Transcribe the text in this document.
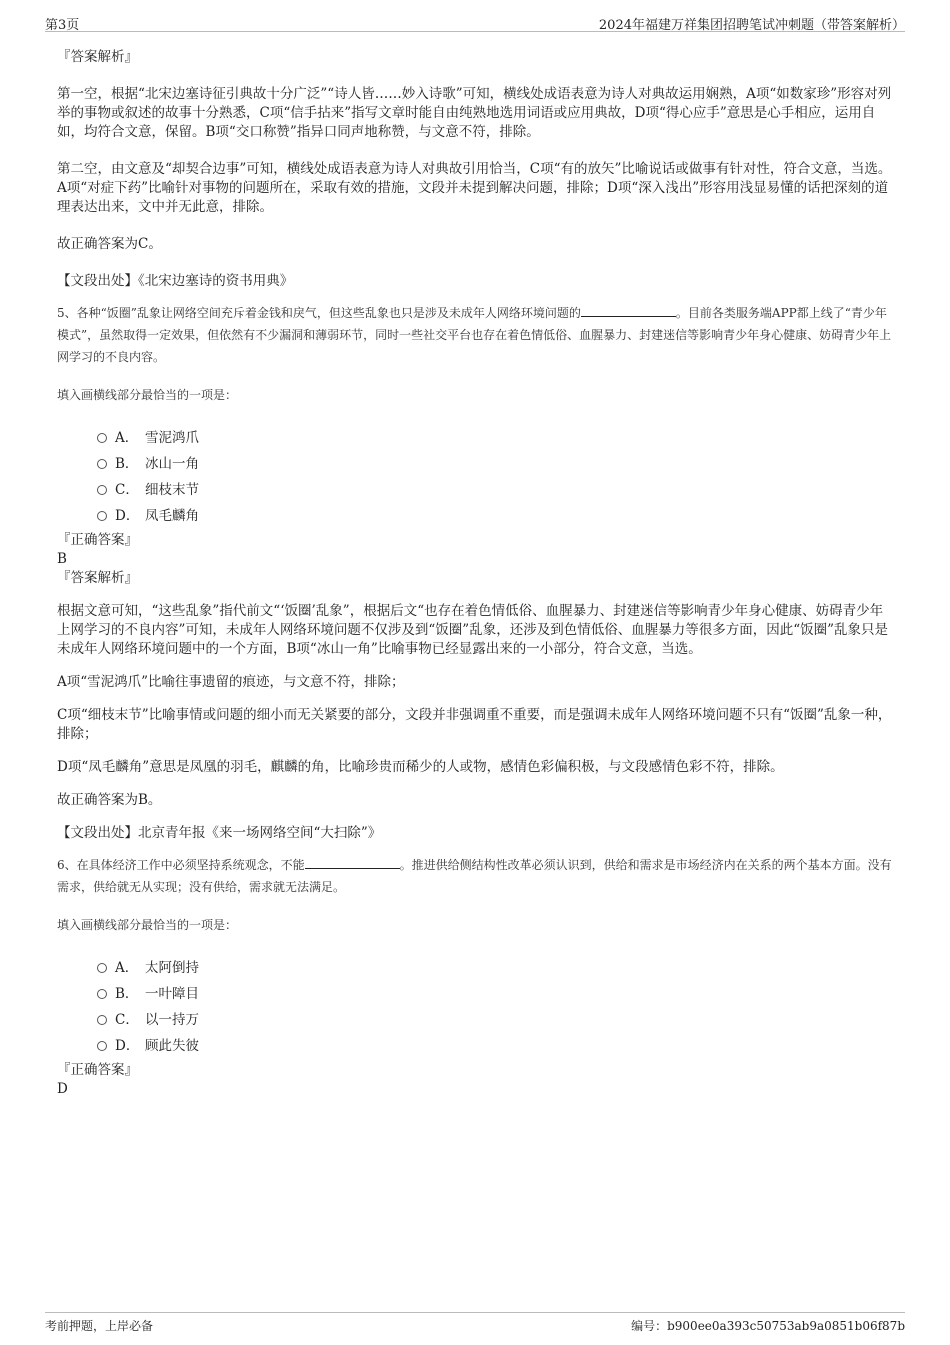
第3页	2024年福建万祥集团招聘笔试冲刺题（带答案解析）
『答案解析』
第一空，根据“北宋边塞诗征引典故十分广泛”“诗人皆……妙入诗歌”可知，横线处成语表意为诗人对典故运用娴熟，A项“如数家珍”形容对列举的事物或叙述的故事十分熟悉，C项“信手拈来”指写文章时能自由纯熟地选用词语或应用典故，D项“得心应手”意思是心手相应，运用自如，均符合文意，保留。B项“交口称赞”指异口同声地称赞，与文意不符，排除。
第二空，由文意及“却契合边事”可知，横线处成语表意为诗人对典故引用恰当，C项“有的放矢”比喻说话或做事有针对性，符合文意，当选。A项“对症下药”比喻针对事物的问题所在，采取有效的措施，文段并未提到解决问题，排除；D项“深入浅出”形容用浅显易懂的话把深刻的道理表达出来，文中并无此意，排除。
故正确答案为C。
【文段出处】《北宋边塞诗的资书用典》
5、各种“饭圈”乱象让网络空间充斥着金钱和戾气，但这些乱象也只是涉及未成年人网络环境问题的	。目前各类服务端APP都上线了“青少年模式”，虽然取得一定效果，但依然有不少漏洞和薄弱环节，同时一些社交平台也存在着色情低俗、血腥暴力、封建迷信等影响青少年身心健康、妨碍青少年上网学习的不良内容。
填入画横线部分最恰当的一项是：
A． 雪泥鸿爪
B． 冰山一角
C． 细枝末节
D． 凤毛麟角
『正确答案』
B
『答案解析』
根据文意可知，“这些乱象”指代前文“‘饭圈’乱象”，根据后文“也存在着色情低俗、血腥暴力、封建迷信等影响青少年身心健康、妨碍青少年上网学习的不良内容”可知，未成年人网络环境问题不仅涉及到“饭圈”乱象，还涉及到色情低俗、血腥暴力等很多方面，因此“饭圈”乱象只是未成年人网络环境问题中的一个方面，B项“冰山一角”比喻事物已经显露出来的一小部分，符合文意，当选。
A项“雪泥鸿爪”比喻往事遗留的痕迹，与文意不符，排除；
C项“细枝末节”比喻事情或问题的细小而无关紧要的部分，文段并非强调重不重要，而是强调未成年人网络环境问题不只有“饭圈”乱象一种，排除；
D项“凤毛麟角”意思是凤凰的羽毛，麒麟的角，比喻珍贵而稀少的人或物，感情色彩偏积极，与文段感情色彩不符，排除。
故正确答案为B。
【文段出处】北京青年报《来一场网络空间“大扫除”》
6、在具体经济工作中必须坚持系统观念，不能	。推进供给侧结构性改革必须认识到，供给和需求是市场经济内在关系的两个基本方面。没有需求，供给就无从实现；没有供给，需求就无法满足。
填入画横线部分最恰当的一项是：
A． 太阿倒持
B． 一叶障目
C． 以一持万
D． 顾此失彼
『正确答案』
D
考前押题，上岸必备	编号：b900ee0a393c50753ab9a0851b06f87b
